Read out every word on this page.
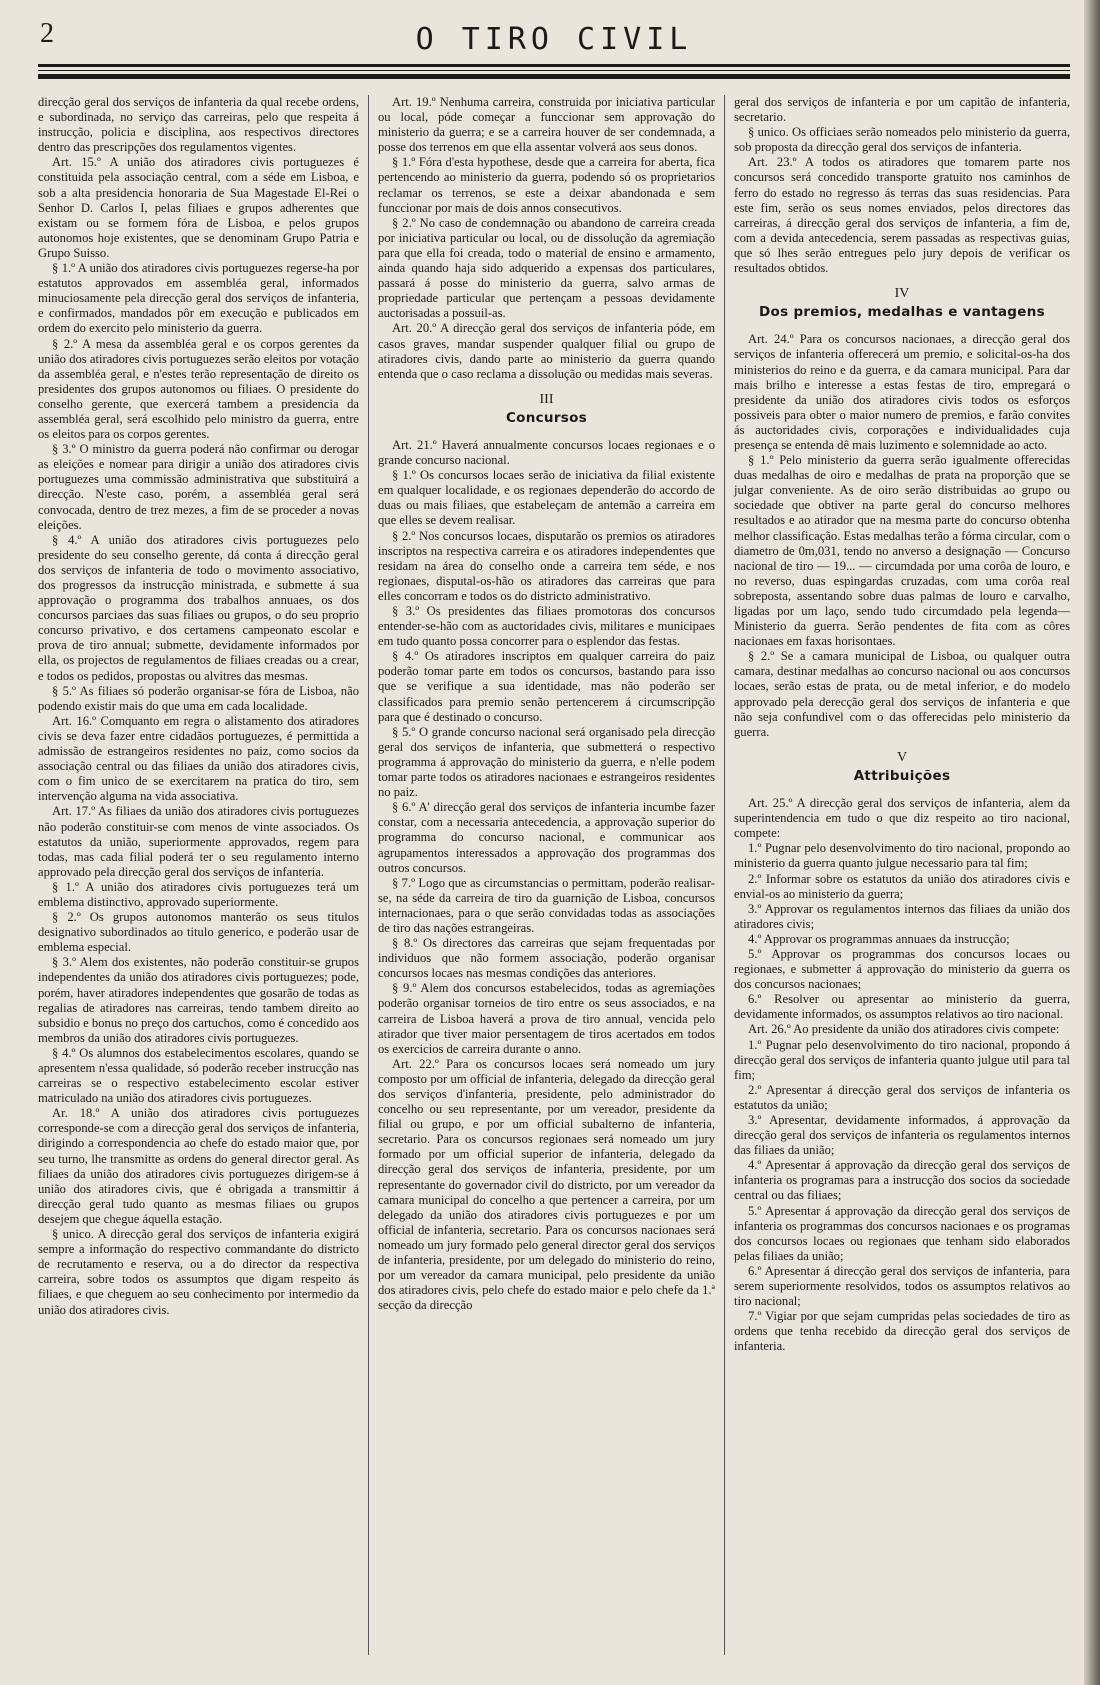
2	O TIRO CIVIL

direcção geral dos serviços de infanteria da qual recebe ordens, e subordinada, no serviço das carreiras, pelo que respeita á instrucção, policia e disciplina, aos respectivos directores dentro das prescripções dos regulamentos vigentes.

Art. 15.º A união dos atiradores civis portuguezes é constituida pela associação central, com a séde em Lisboa, e sob a alta presidencia honoraria de Sua Magestade El-Rei o Senhor D. Carlos I, pelas filiaes e grupos adherentes que existam ou se formem fóra de Lisboa, e pelos grupos autonomos hoje existentes, que se denominam Grupo Patria e Grupo Suisso.

§ 1.º A união dos atiradores civis portuguezes regerse-ha por estatutos approvados em assembléa geral, informados minuciosamente pela direcção geral dos serviços de infanteria, e confirmados, mandados pôr em execução e publicados em ordem do exercito pelo ministerio da guerra.

§ 2.º A mesa da assembléa geral e os corpos gerentes da união dos atiradores civis portuguezes serão eleitos por votação da assembléa geral, e n'estes terão representação de direito os presidentes dos grupos autonomos ou filiaes. O presidente do conselho gerente, que exercerá tambem a presidencia da assembléa geral, será escolhido pelo ministro da guerra, entre os eleitos para os corpos gerentes.

§ 3.º O ministro da guerra poderá não confirmar ou derogar as eleições e nomear para dirigir a união dos atiradores civis portuguezes uma commissão administrativa que substituirá a direcção. N'este caso, porém, a assembléa geral será convocada, dentro de trez mezes, a fim de se proceder a novas eleições.

§ 4.º A união dos atiradores civis portuguezes pelo presidente do seu conselho gerente, dá conta á direcção geral dos serviços de infanteria de todo o movimento associativo, dos progressos da instrucção ministrada, e submette á sua approvação o programma dos trabalhos annuaes, os dos concursos parciaes das suas filiaes ou grupos, o do seu proprio concurso privativo, e dos certamens campeonato escolar e prova de tiro annual; submette, devidamente informados por ella, os projectos de regulamentos de filiaes creadas ou a crear, e todos os pedidos, propostas ou alvitres das mesmas.

§ 5.º As filiaes só poderão organisar-se fóra de Lisboa, não podendo existir mais do que uma em cada localidade.

Art. 16.º Comquanto em regra o alistamento dos atiradores civis se deva fazer entre cidadãos portuguezes, é permittida a admissão de estrangeiros residentes no paiz, como socios da associação central ou das filiaes da união dos atiradores civis, com o fim unico de se exercitarem na pratica do tiro, sem intervenção alguma na vida associativa.

Art. 17.º As filiaes da união dos atiradores civis portuguezes não poderão constituir-se com menos de vinte associados. Os estatutos da união, superiormente approvados, regem para todas, mas cada filial poderá ter o seu regulamento interno approvado pela direcção geral dos serviços de infanteria.

§ 1.º A união dos atiradores civis portuguezes terá um emblema distinctivo, approvado superiormente.

§ 2.º Os grupos autonomos manterão os seus titulos designativo subordinados ao titulo generico, e poderão usar de emblema especial.

§ 3.º Alem dos existentes, não poderão constituir-se grupos independentes da união dos atiradores civis portuguezes; pode, porém, haver atiradores independentes que gosarão de todas as regalias de atiradores nas carreiras, tendo tambem direito ao subsidio e bonus no preço dos cartuchos, como é concedido aos membros da união dos atiradores civis portuguezes.

§ 4.º Os alumnos dos estabelecimentos escolares, quando se apresentem n'essa qualidade, só poderão receber instrucção nas carreiras se o respectivo estabelecimento escolar estiver matriculado na união dos atiradores civis portuguezes.

Ar. 18.º A união dos atiradores civis portuguezes corresponde-se com a direcção geral dos serviços de infanteria, dirigindo a correspondencia ao chefe do estado maior que, por seu turno, lhe transmitte as ordens do general director geral. As filiaes da união dos atiradores civis portuguezes dirigem-se á união dos atiradores civis, que é obrigada a transmittir á direcção geral tudo quanto as mesmas filiaes ou grupos desejem que chegue áquella estação.

§ unico. A direcção geral dos serviços de infanteria exigirá sempre a informação do respectivo commandante do districto de recrutamento e reserva, ou a do director da respectiva carreira, sobre todos os assumptos que digam respeito ás filiaes, e que cheguem ao seu conhecimento por intermedio da união dos atiradores civis.

Art. 19.º Nenhuma carreira, construida por iniciativa particular ou local, póde começar a funccionar sem approvação do ministerio da guerra; e se a carreira houver de ser condemnada, a posse dos terrenos em que ella assentar volverá aos seus donos.

§ 1.º Fóra d'esta hypothese, desde que a carreira for aberta, fica pertencendo ao ministerio da guerra, podendo só os proprietarios reclamar os terrenos, se este a deixar abandonada e sem funccionar por mais de dois annos consecutivos.

§ 2.º No caso de condemnação ou abandono de carreira creada por iniciativa particular ou local, ou de dissolução da agremiação para que ella foi creada, todo o material de ensino e armamento, ainda quando haja sido adquerido a expensas dos particulares, passará á posse do ministerio da guerra, salvo armas de propriedade particular que pertençam a pessoas devidamente auctorisadas a possuil-as.

Art. 20.º A direcção geral dos serviços de infanteria póde, em casos graves, mandar suspender qualquer filial ou grupo de atiradores civis, dando parte ao ministerio da guerra quando entenda que o caso reclama a dissolução ou medidas mais severas.

III
Concursos

Art. 21.º Haverá annualmente concursos locaes regionaes e o grande concurso nacional.

§ 1.º Os concursos locaes serão de iniciativa da filial existente em qualquer localidade, e os regionaes dependerão do accordo de duas ou mais filiaes, que estabeleçam de antemão a carreira em que elles se devem realisar.

§ 2.º Nos concursos locaes, disputarão os premios os atiradores inscriptos na respectiva carreira e os atiradores independentes que residam na área do conselho onde a carreira tem séde, e nos regionaes, disputal-os-hão os atiradores das carreiras que para elles concorram e todos os do districto administrativo.

§ 3.º Os presidentes das filiaes promotoras dos concursos entender-se-hão com as auctoridades civis, militares e municipaes em tudo quanto possa concorrer para o esplendor das festas.

§ 4.º Os atiradores inscriptos em qualquer carreira do paiz poderão tomar parte em todos os concursos, bastando para isso que se verifique a sua identidade, mas não poderão ser classificados para premio senão pertencerem á circumscripção para que é destinado o concurso.

§ 5.º O grande concurso nacional será organisado pela direcção geral dos serviços de infanteria, que submetterá o respectivo programma á approvação do ministerio da guerra, e n'elle podem tomar parte todos os atiradores nacionaes e estrangeiros residentes no paiz.

§ 6.º A' direcção geral dos serviços de infanteria incumbe fazer constar, com a necessaria antecedencia, a approvação superior do programma do concurso nacional, e communicar aos agrupamentos interessados a approvação dos programmas dos outros concursos.

§ 7.º Logo que as circumstancias o permittam, poderão realisar-se, na séde da carreira de tiro da guarnição de Lisboa, concursos internacionaes, para o que serão convidadas todas as associações de tiro das nações estrangeiras.

§ 8.º Os directores das carreiras que sejam frequentadas por individuos que não formem associação, poderão organisar concursos locaes nas mesmas condições das anteriores.

§ 9.º Alem dos concursos estabelecidos, todas as agremiações poderão organisar torneios de tiro entre os seus associados, e na carreira de Lisboa haverá a prova de tiro annual, vencida pelo atirador que tiver maior persentagem de tiros acertados em todos os exercicios de carreira durante o anno.

Art. 22.º Para os concursos locaes será nomeado um jury composto por um official de infanteria, delegado da direcção geral dos serviços d'infanteria, presidente, pelo administrador do concelho ou seu representante, por um vereador, presidente da filial ou grupo, e por um official subalterno de infanteria, secretario. Para os concursos regionaes será nomeado um jury formado por um official superior de infanteria, delegado da direcção geral dos serviços de infanteria, presidente, por um representante do governador civil do districto, por um vereador da camara municipal do concelho a que pertencer a carreira, por um delegado da união dos atiradores civis portuguezes e por um official de infanteria, secretario. Para os concursos nacionaes será nomeado um jury formado pelo general director geral dos serviços de infanteria, presidente, por um delegado do ministerio do reino, por um vereador da camara municipal, pelo presidente da união dos atiradores civis, pelo chefe do estado maior e pelo chefe da 1.ª secção da direcção

geral dos serviços de infanteria e por um capitão de infanteria, secretario.

§ unico. Os officiaes serão nomeados pelo ministerio da guerra, sob proposta da direcção geral dos serviços de infanteria.

Art. 23.º A todos os atiradores que tomarem parte nos concursos será concedido transporte gratuito nos caminhos de ferro do estado no regresso ás terras das suas residencias. Para este fim, serão os seus nomes enviados, pelos directores das carreiras, á direcção geral dos serviços de infanteria, a fim de, com a devida antecedencia, serem passadas as respectivas guias, que só lhes serão entregues pelo jury depois de verificar os resultados obtidos.

IV
Dos premios, medalhas e vantagens

Art. 24.º Para os concursos nacionaes, a direcção geral dos serviços de infanteria offerecerá um premio, e solicital-os-ha dos ministerios do reino e da guerra, e da camara municipal. Para dar mais brilho e interesse a estas festas de tiro, empregará o presidente da união dos atiradores civis todos os esforços possiveis para obter o maior numero de premios, e farão convites ás auctoridades civis, corporações e individualidades cuja presença se entenda dê mais luzimento e solemnidade ao acto.

§ 1.º Pelo ministerio da guerra serão igualmente offerecidas duas medalhas de oiro e medalhas de prata na proporção que se julgar conveniente. As de oiro serão distribuidas ao grupo ou sociedade que obtiver na parte geral do concurso melhores resultados e ao atirador que na mesma parte do concurso obtenha melhor classificação. Estas medalhas terão a fórma circular, com o diametro de 0m,031, tendo no anverso a designação — Concurso nacional de tiro — 19... — circumdada por uma corôa de louro, e no reverso, duas espingardas cruzadas, com uma corôa real sobreposta, assentando sobre duas palmas de louro e carvalho, ligadas por um laço, sendo tudo circumdado pela legenda—Ministerio da guerra. Serão pendentes de fita com as côres nacionaes em faxas horisontaes.

§ 2.º Se a camara municipal de Lisboa, ou qualquer outra camara, destinar medalhas ao concurso nacional ou aos concursos locaes, serão estas de prata, ou de metal inferior, e do modelo approvado pela derecção geral dos serviços de infanteria e que não seja confundivel com o das offerecidas pelo ministerio da guerra.

V
Attribuições

Art. 25.º A direcção geral dos serviços de infanteria, alem da superintendencia em tudo o que diz respeito ao tiro nacional, compete:

1.º Pugnar pelo desenvolvimento do tiro nacional, propondo ao ministerio da guerra quanto julgue necessario para tal fim;

2.º Informar sobre os estatutos da união dos atiradores civis e envial-os ao ministerio da guerra;

3.º Approvar os regulamentos internos das filiaes da união dos atiradores civis;

4.º Approvar os programmas annuaes da instrucção;

5.º Approvar os programmas dos concursos locaes ou regionaes, e submetter á approvação do ministerio da guerra os dos concursos nacionaes;

6.º Resolver ou apresentar ao ministerio da guerra, devidamente informados, os assumptos relativos ao tiro nacional.

Art. 26.º Ao presidente da união dos atiradores civis compete:

1.º Pugnar pelo desenvolvimento do tiro nacional, propondo á direcção geral dos serviços de infanteria quanto julgue util para tal fim;

2.º Apresentar á direcção geral dos serviços de infanteria os estatutos da união;

3.º Apresentar, devidamente informados, á approvação da direcção geral dos serviços de infanteria os regulamentos internos das filiaes da união;

4.º Apresentar á approvação da direcção geral dos serviços de infanteria os programas para a instrucção dos socios da sociedade central ou das filiaes;

5.º Apresentar á approvação da direcção geral dos serviços de infanteria os programmas dos concursos nacionaes e os programas dos concursos locaes ou regionaes que tenham sido elaborados pelas filiaes da união;

6.º Apresentar á direcção geral dos serviços de infanteria, para serem superiormente resolvidos, todos os assumptos relativos ao tiro nacional;

7.º Vigiar por que sejam cumpridas pelas sociedades de tiro as ordens que tenha recebido da direcção geral dos serviços de infanteria.
